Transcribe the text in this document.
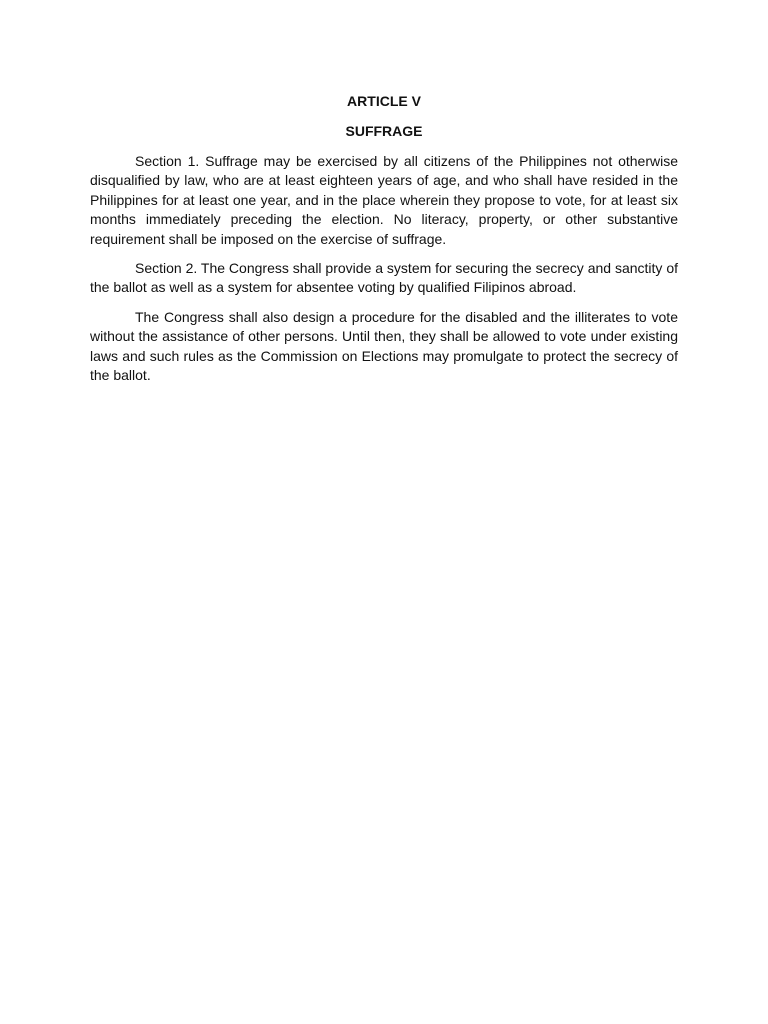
ARTICLE V
SUFFRAGE

Section 1. Suffrage may be exercised by all citizens of the Philippines not otherwise disqualified by law, who are at least eighteen years of age, and who shall have resided in the Philippines for at least one year, and in the place wherein they propose to vote, for at least six months immediately preceding the election. No literacy, property, or other substantive requirement shall be imposed on the exercise of suffrage.

Section 2. The Congress shall provide a system for securing the secrecy and sanctity of the ballot as well as a system for absentee voting by qualified Filipinos abroad.

The Congress shall also design a procedure for the disabled and the illiterates to vote without the assistance of other persons. Until then, they shall be allowed to vote under existing laws and such rules as the Commission on Elections may promulgate to protect the secrecy of the ballot.
